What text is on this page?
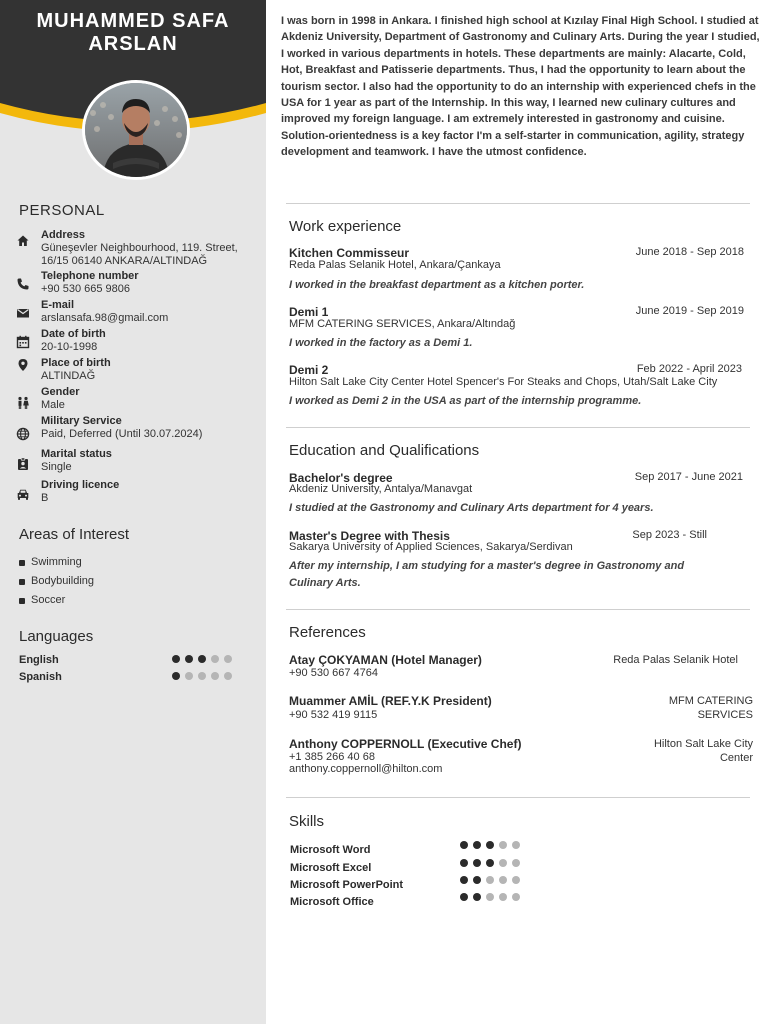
MUHAMMED SAFA ARSLAN
PERSONAL
Address
Güneşevler Neighbourhood, 119. Street,
16/15 06140 ANKARA/ALTINDAĞ
Telephone number
+90 530 665 9806
E-mail
arslansafa.98@gmail.com
Date of birth
20-10-1998
Place of birth
ALTINDAĞ
Gender
Male
Military Service
Paid, Deferred (Until 30.07.2024)
Marital status
Single
Driving licence
B
Areas of Interest
Swimming
Bodybuilding
Soccer
Languages
English
Spanish
I was born in 1998 in Ankara. I finished high school at Kızılay Final High School. I studied at Akdeniz University, Department of Gastronomy and Culinary Arts. During the year I studied, I worked in various departments in hotels. These departments are mainly: Alacarte, Cold, Hot, Breakfast and Patisserie departments. Thus, I had the opportunity to learn about the tourism sector. I also had the opportunity to do an internship with experienced chefs in the USA for 1 year as part of the Internship. In this way, I learned new culinary cultures and improved my foreign language. I am extremely interested in gastronomy and cuisine. Solution-orientedness is a key factor I'm a self-starter in communication, agility, strategy development and teamwork. I have the utmost confidence.
Work experience
Kitchen Commisseur	June 2018 - Sep 2018
Reda Palas Selanik Hotel, Ankara/Çankaya
I worked in the breakfast department as a kitchen porter.
Demi 1	June 2019 - Sep 2019
MFM CATERING SERVICES, Ankara/Altındağ
I worked in the factory as a Demi 1.
Demi 2	Feb 2022 - April 2023
Hilton Salt Lake City Center Hotel Spencer's For Steaks and Chops, Utah/Salt Lake City
I worked as Demi 2 in the USA as part of the internship programme.
Education and Qualifications
Bachelor's degree	Sep 2017 - June 2021
Akdeniz University, Antalya/Manavgat
I studied at the Gastronomy and Culinary Arts department for 4 years.
Master's Degree with Thesis	Sep 2023 - Still
Sakarya University of Applied Sciences, Sakarya/Serdivan
After my internship, I am studying for a master's degree in Gastronomy and Culinary Arts.
References
Atay ÇOKYAMAN (Hotel Manager)
+90 530 667 4764
Reda Palas Selanik Hotel
Muammer AMİL (REF.Y.K President)
+90 532 419 9115
MFM CATERING SERVICES
Anthony COPPERNOLL (Executive Chef)
+1 385 266 40 68
anthony.coppernoll@hilton.com
Hilton Salt Lake City Center
Skills
Microsoft Word
Microsoft Excel
Microsoft PowerPoint
Microsoft Office
